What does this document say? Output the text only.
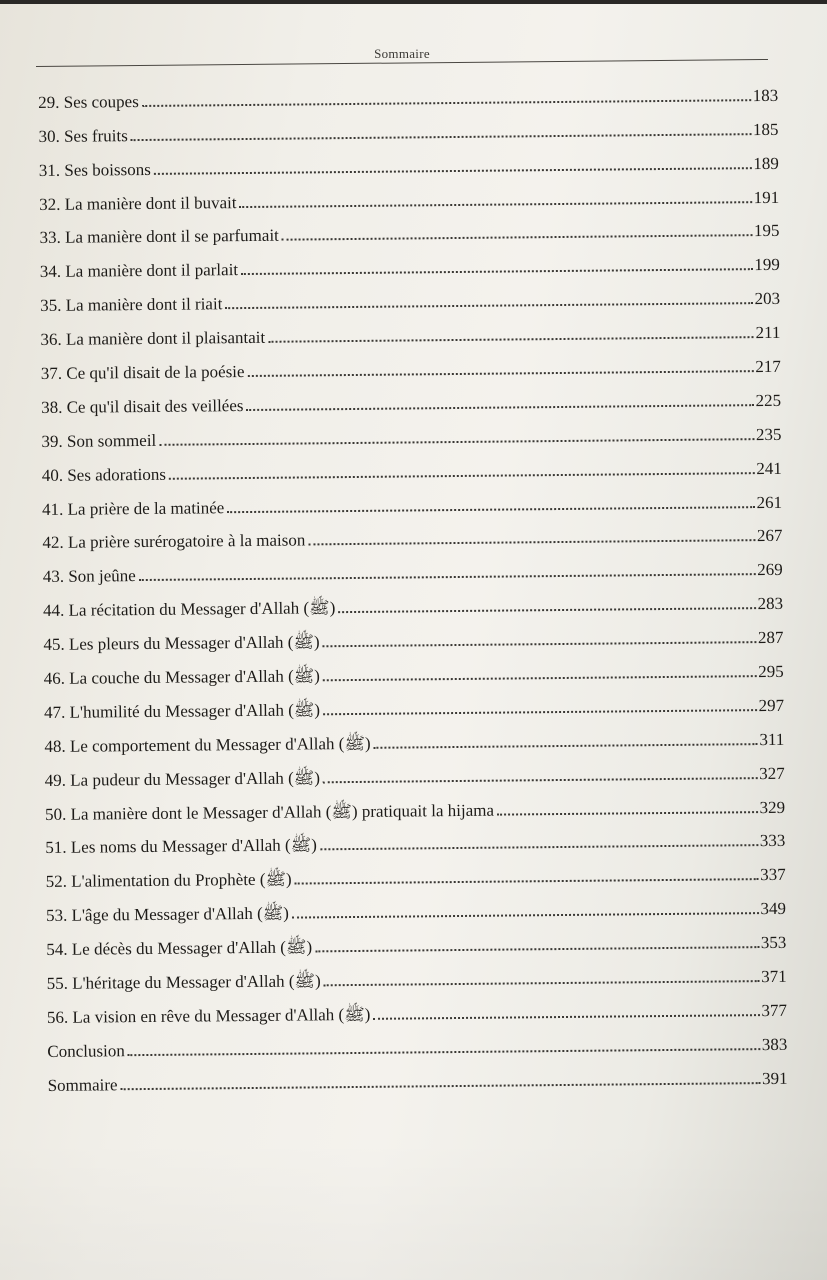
Sommaire
29. Ses coupes	183
30. Ses fruits	185
31. Ses boissons	189
32. La manière dont il buvait	191
33. La manière dont il se parfumait	195
34. La manière dont il parlait	199
35. La manière dont il riait	203
36. La manière dont il plaisantait	211
37. Ce qu'il disait de la poésie	217
38. Ce qu'il disait des veillées	225
39. Son sommeil	235
40. Ses adorations	241
41. La prière de la matinée	261
42. La prière surérogatoire à la maison	267
43. Son jeûne	269
44. La récitation du Messager d'Allah (ﷺ)	283
45. Les pleurs du Messager d'Allah (ﷺ)	287
46. La couche du Messager d'Allah (ﷺ)	295
47. L'humilité du Messager d'Allah (ﷺ)	297
48. Le comportement du Messager d'Allah (ﷺ)	311
49. La pudeur du Messager d'Allah (ﷺ)	327
50. La manière dont le Messager d'Allah (ﷺ) pratiquait la hijama	329
51. Les noms du Messager d'Allah (ﷺ)	333
52. L'alimentation du Prophète (ﷺ)	337
53. L'âge du Messager d'Allah (ﷺ)	349
54. Le décès du Messager d'Allah (ﷺ)	353
55. L'héritage du Messager d'Allah (ﷺ)	371
56. La vision en rêve du Messager d'Allah (ﷺ)	377
Conclusion	383
Sommaire	391
